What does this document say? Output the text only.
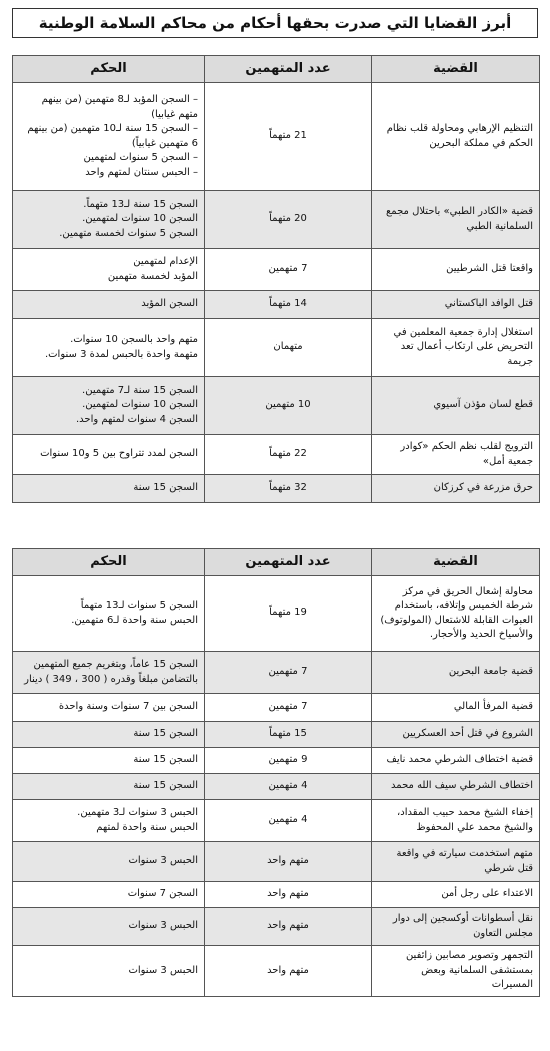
أبرز القضايا التي صدرت بحقها أحكام من محاكم السلامة الوطنية
القضية	عدد المتهمين	الحكم
التنظيم الإرهابي ومحاولة قلب نظام الحكم في مملكة البحرين	21 متهماً	– السجن المؤبد لـ8 متهمين (من بينهم متهم غيابيا)
– السجن 15 سنة لـ10 متهمين (من بينهم 6 متهمين غيابياً)
– السجن 5 سنوات لمتهمين
– الحبس سنتان لمتهم واحد

قضية «الكادر الطبي» باحتلال مجمع السلمانية الطبي	20 متهماً	السجن 15 سنة لـ13 متهماً.
السجن 10 سنوات لمتهمين.
السجن 5 سنوات لخمسة متهمين.

واقعتا قتل الشرطيين	7 متهمين	الإعدام لمتهمين
المؤبد لخمسة متهمين

قتل الوافد الباكستاني	14 متهماً	السجن المؤبد

استغلال إدارة جمعية المعلمين في التحريض على ارتكاب أعمال تعد جريمة	متهمان	متهم واحد بالسجن 10 سنوات.
متهمة واحدة بالحبس لمدة 3 سنوات.

قطع لسان مؤذن آسيوي	10 متهمين	السجن 15 سنة لـ7 متهمين.
السجن 10 سنوات لمتهمين.
السجن 4 سنوات لمتهم واحد.

الترويج لقلب نظم الحكم «كوادر جمعية أمل»	22 متهماً	السجن لمدد تتراوح بين 5 و10 سنوات

حرق مزرعة في كرزكان	32 متهماً	السجن 15 سنة
القضية	عدد المتهمين	الحكم
محاولة إشعال الحريق في مركز شرطة الخميس وإتلافه، باستخدام العبوات القابلة للاشتعال (المولوتوف) والأسياخ الحديد والأحجار.	19 متهماً	السجن 5 سنوات لـ13 متهماً
الحبس سنة واحدة لـ6 متهمين.

قضية جامعة البحرين	7 متهمين	السجن 15 عاماً، وبتغريم جميع المتهمين
بالتضامن مبلغاً وقدره ( 300 ، 349 ) دينار

قضية المرفأ المالي	7 متهمين	السجن بين 7 سنوات وسنة واحدة

الشروع في قتل أحد العسكريين	15 متهماً	السجن 15 سنة

قضية اختطاف الشرطي محمد نايف	9 متهمين	السجن 15 سنة

اختطاف الشرطي سيف الله محمد	4 متهمين	السجن 15 سنة

إخفاء الشيخ محمد حبيب المقداد، والشيخ محمد علي المحفوظ	4 متهمين	الحبس 3 سنوات لـ3 متهمين.
الحبس سنة واحدة لمتهم

متهم استخدمت سيارته في واقعة قتل شرطي	متهم واحد	الحبس 3 سنوات

الاعتداء على رجل أمن	متهم واحد	السجن 7 سنوات

نقل أسطوانات أوكسجين إلى دوار مجلس التعاون	متهم واحد	الحبس 3 سنوات

التجمهر وتصوير مصابين زائفين بمستشفى السلمانية وبعض المسيرات	متهم واحد	الحبس 3 سنوات
